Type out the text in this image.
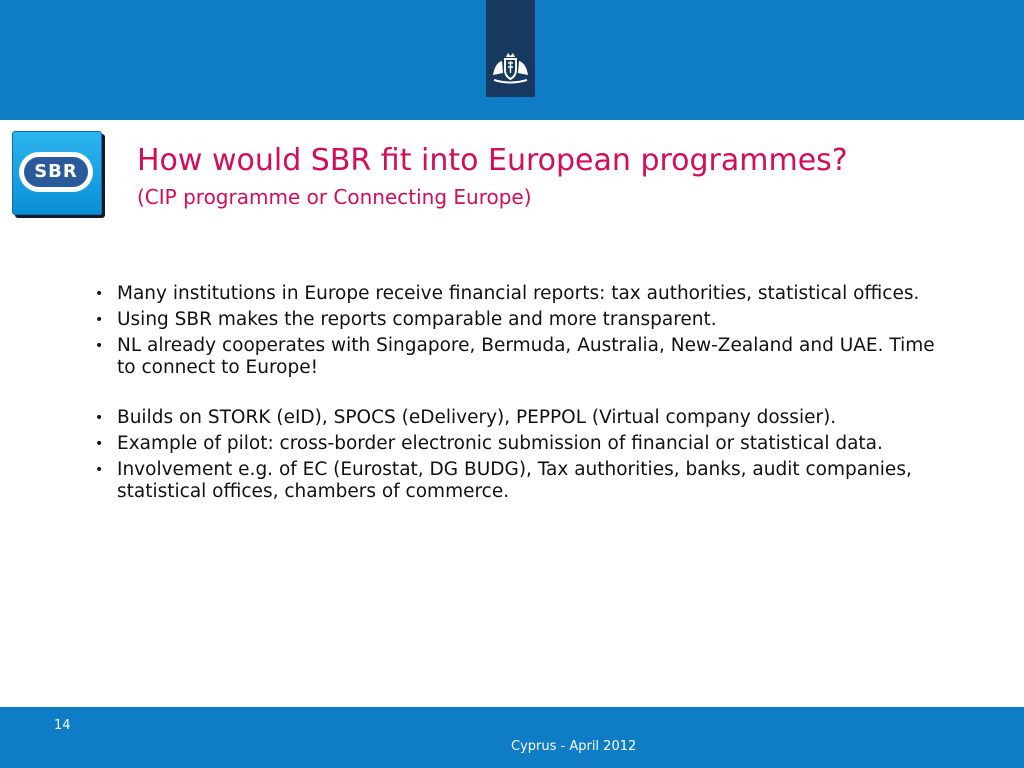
SBR	How would SBR fit into European programmes?
(CIP programme or Connecting Europe)
• Many institutions in Europe receive financial reports: tax authorities, statistical offices.
• Using SBR makes the reports comparable and more transparent.
• NL already cooperates with Singapore, Bermuda, Australia, New-Zealand and UAE. Time to connect to Europe!
• Builds on STORK (eID), SPOCS (eDelivery), PEPPOL (Virtual company dossier).
• Example of pilot: cross-border electronic submission of financial or statistical data.
• Involvement e.g. of EC (Eurostat, DG BUDG), Tax authorities, banks, audit companies, statistical offices, chambers of commerce.
14
Cyprus - April 2012
